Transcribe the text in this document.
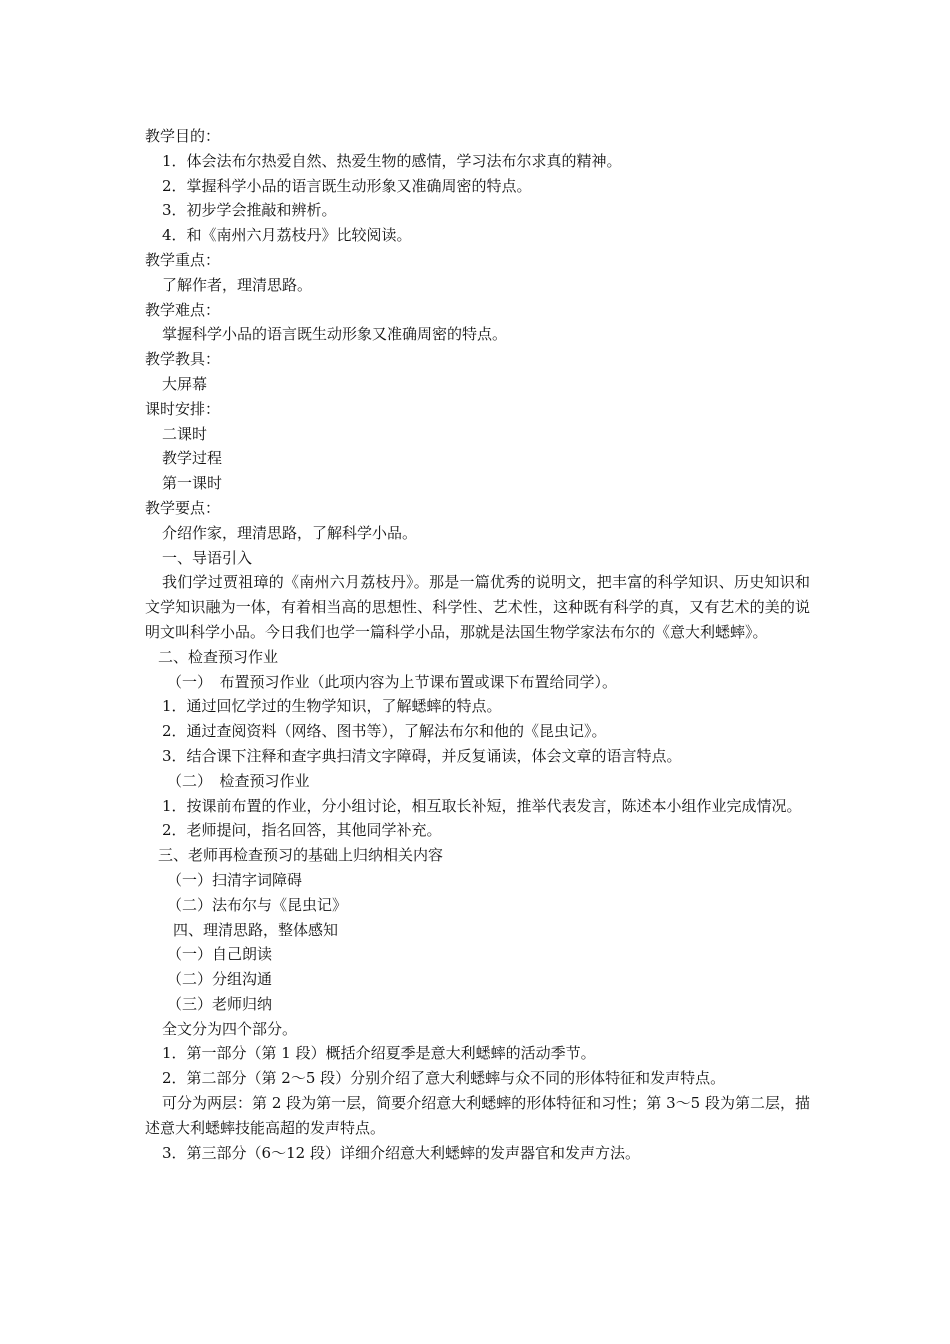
教学目的：
1．体会法布尔热爱自然、热爱生物的感情，学习法布尔求真的精神。
2．掌握科学小品的语言既生动形象又准确周密的特点。
3．初步学会推敲和辨析。
4．和《南州六月荔枝丹》比较阅读。
教学重点：
了解作者，理清思路。
教学难点：
掌握科学小品的语言既生动形象又准确周密的特点。
教学教具：
大屏幕
课时安排：
二课时
教学过程
第一课时
教学要点：
介绍作家，理清思路，了解科学小品。
一、导语引入
我们学过贾祖璋的《南州六月荔枝丹》。那是一篇优秀的说明文，把丰富的科学知识、历史知识和文学知识融为一体，有着相当高的思想性、科学性、艺术性，这种既有科学的真，又有艺术的美的说明文叫科学小品。今日我们也学一篇科学小品，那就是法国生物学家法布尔的《意大利蟋蟀》。
二、检查预习作业
（一）　布置预习作业（此项内容为上节课布置或课下布置给同学）。
1．通过回忆学过的生物学知识，了解蟋蟀的特点。
2．通过查阅资料（网络、图书等），了解法布尔和他的《昆虫记》。
3．结合课下注释和查字典扫清文字障碍，并反复诵读，体会文章的语言特点。
（二）　检查预习作业
1．按课前布置的作业，分小组讨论，相互取长补短，推举代表发言，陈述本小组作业完成情况。
2．老师提问，指名回答，其他同学补充。
三、老师再检查预习的基础上归纳相关内容
（一）扫清字词障碍
（二）法布尔与《昆虫记》
四、理清思路，整体感知
（一）自己朗读
（二）分组沟通
（三）老师归纳
全文分为四个部分。
1．第一部分（第 1 段）概括介绍夏季是意大利蟋蟀的活动季节。
2．第二部分（第 2～5 段）分别介绍了意大利蟋蟀与众不同的形体特征和发声特点。
可分为两层：第 2 段为第一层，简要介绍意大利蟋蟀的形体特征和习性；第 3～5 段为第二层，描述意大利蟋蟀技能高超的发声特点。
3．第三部分（6～12 段）详细介绍意大利蟋蟀的发声器官和发声方法。
